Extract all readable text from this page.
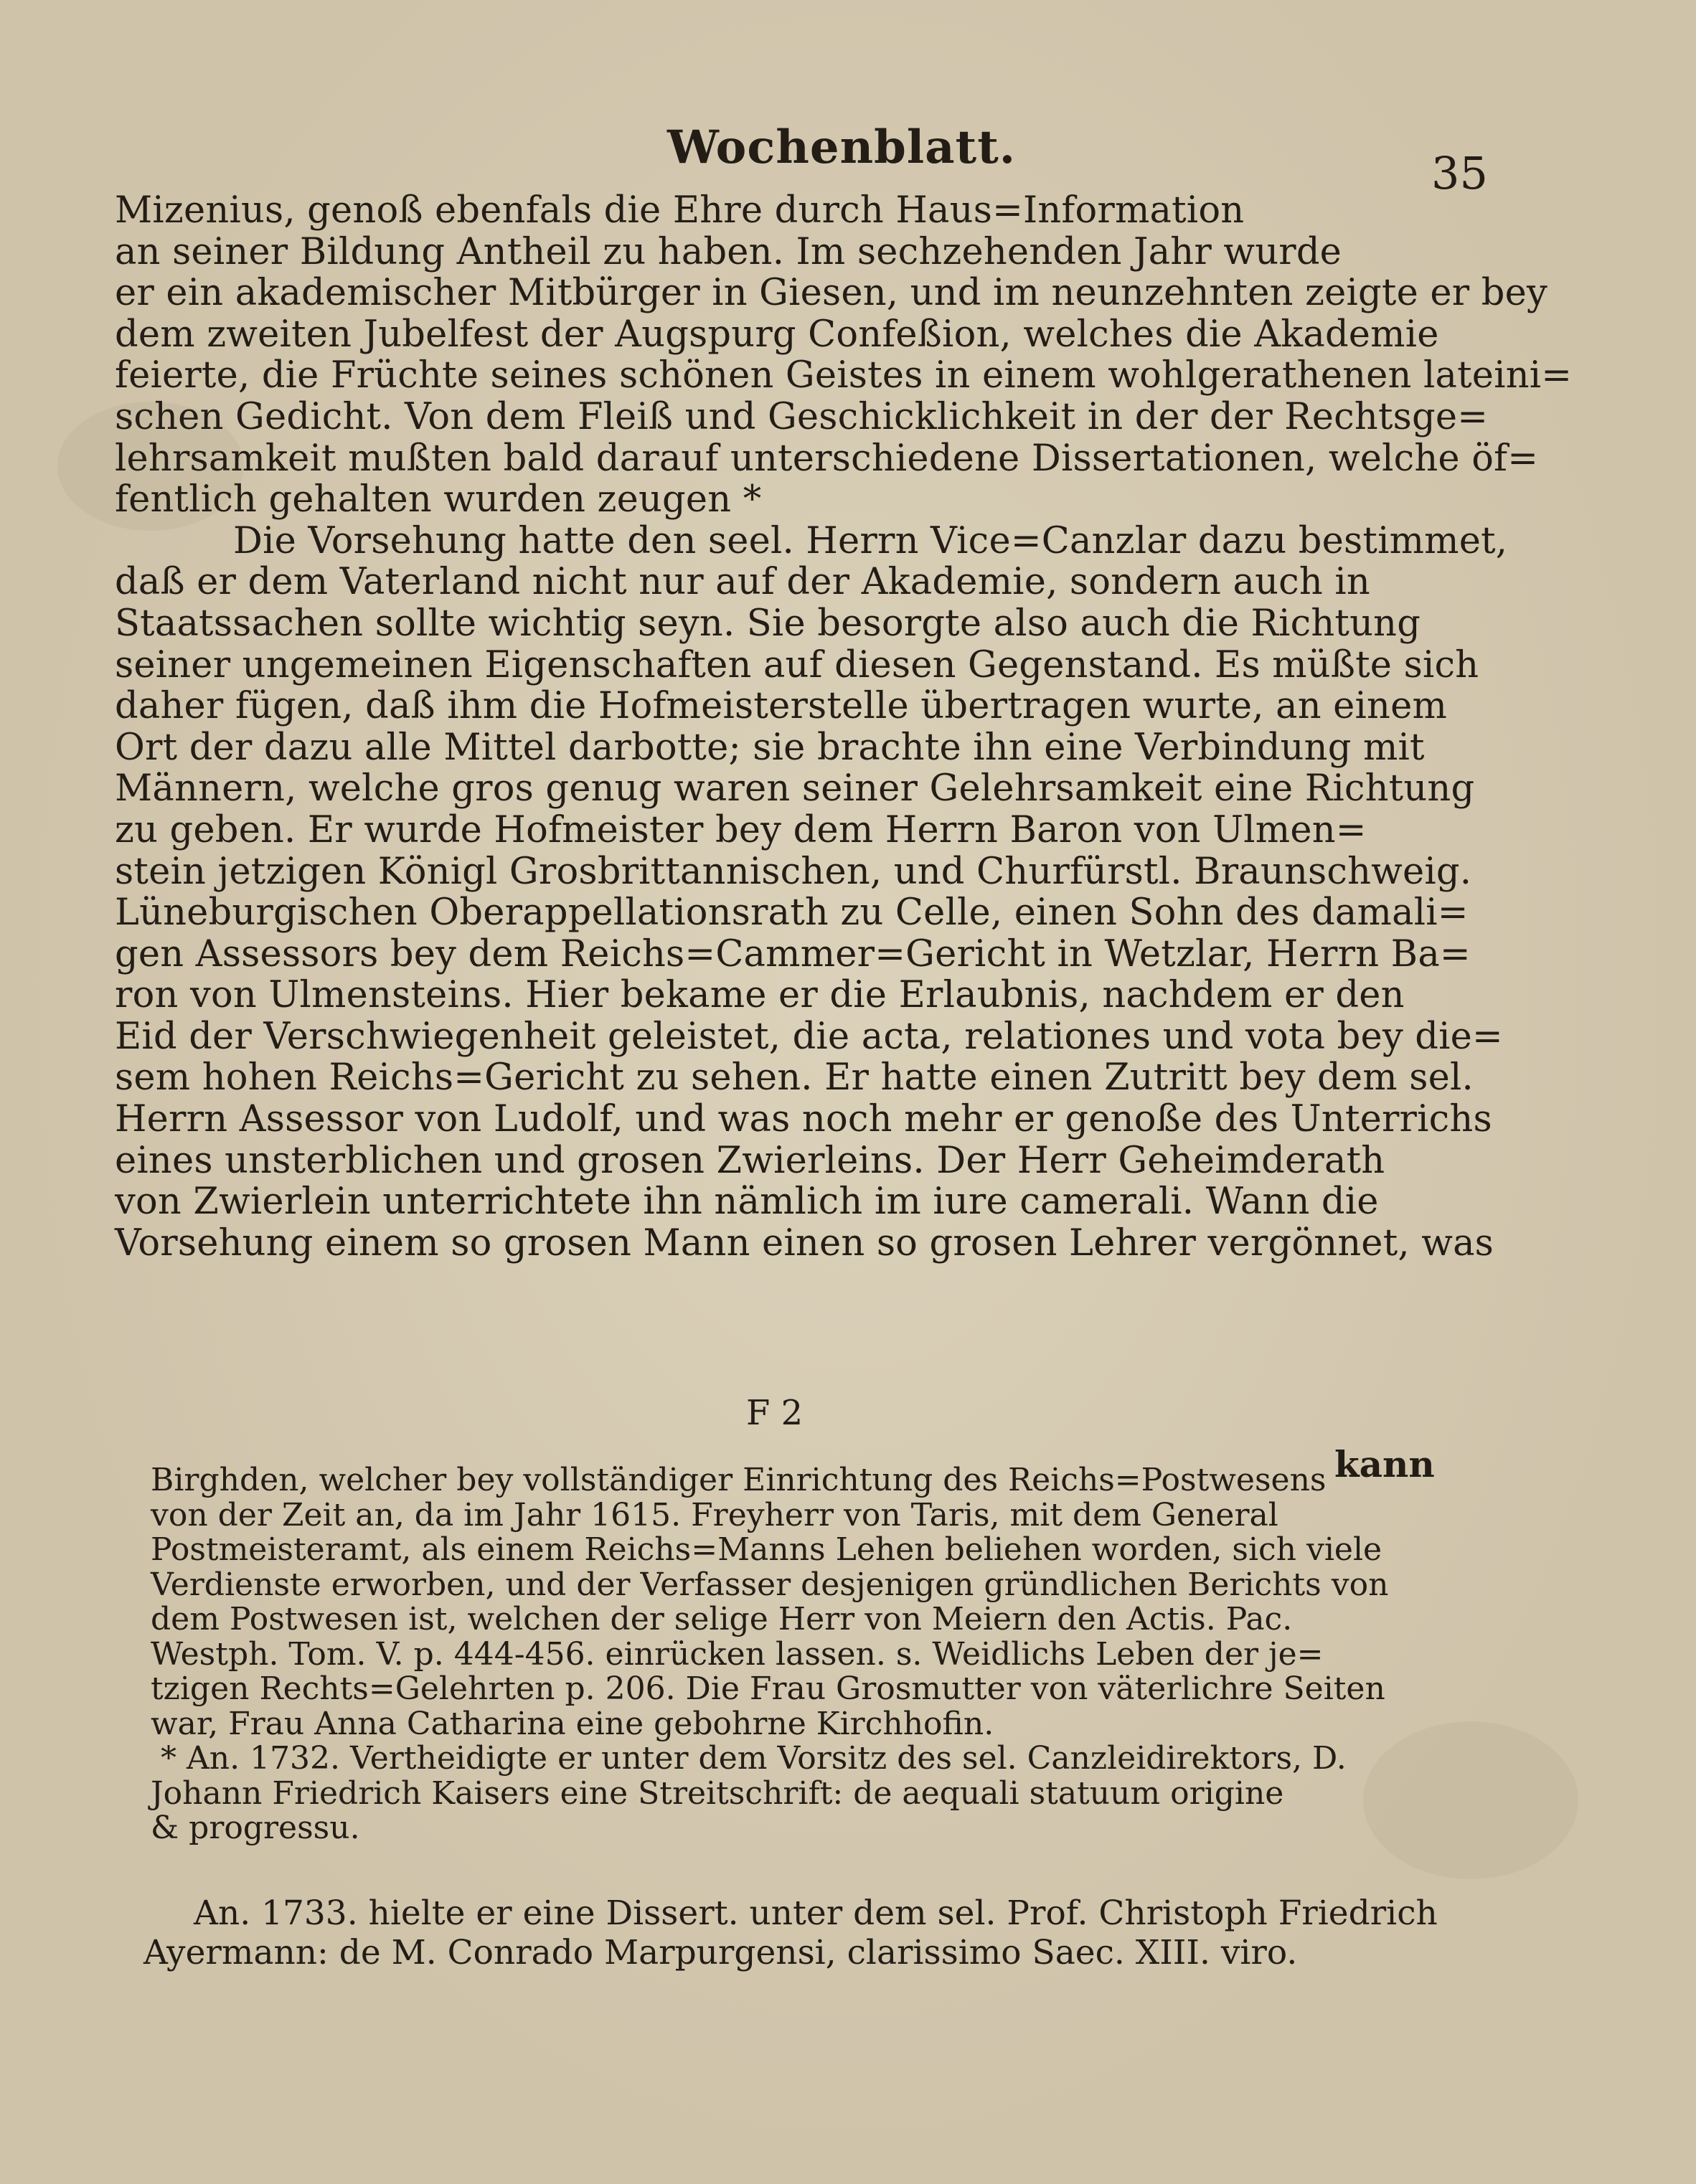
Wochenblatt.	35
Mizenius, genoß ebenfals die Ehre durch Haus=Information
an seiner Bildung Antheil zu haben. Im sechzehenden Jahr wurde
er ein akademischer Mitbürger in Giesen, und im neunzehnten zeigte er bey
dem zweiten Jubelfest der Augspurg Confeßion, welches die Akademie
feierte, die Früchte seines schönen Geistes in einem wohlgerathenen lateini=
schen Gedicht. Von dem Fleiß und Geschicklichkeit in der der Rechtsge=
lehrsamkeit mußten bald darauf unterschiedene Dissertationen, welche öf=
fentlich gehalten wurden zeugen *
Die Vorsehung hatte den seel. Herrn Vice=Canzlar dazu bestimmet,
daß er dem Vaterland nicht nur auf der Akademie, sondern auch in
Staatssachen sollte wichtig seyn. Sie besorgte also auch die Richtung
seiner ungemeinen Eigenschaften auf diesen Gegenstand. Es müßte sich
daher fügen, daß ihm die Hofmeisterstelle übertragen wurte, an einem
Ort der dazu alle Mittel darbotte; sie brachte ihn eine Verbindung mit
Männern, welche gros genug waren seiner Gelehrsamkeit eine Richtung
zu geben. Er wurde Hofmeister bey dem Herrn Baron von Ulmen=
stein jetzigen Königl Grosbrittannischen, und Churfürstl. Braunschweig.
Lüneburgischen Oberappellationsrath zu Celle, einen Sohn des damali=
gen Assessors bey dem Reichs=Cammer=Gericht in Wetzlar, Herrn Ba=
ron von Ulmensteins. Hier bekame er die Erlaubnis, nachdem er den
Eid der Verschwiegenheit geleistet, die acta, relationes und vota bey die=
sem hohen Reichs=Gericht zu sehen. Er hatte einen Zutritt bey dem sel.
Herrn Assessor von Ludolf, und was noch mehr er genoße des Unterrichs
eines unsterblichen und grosen Zwierleins. Der Herr Geheimderath
von Zwierlein unterrichtete ihn nämlich im iure camerali. Wann die
Vorsehung einem so grosen Mann einen so grosen Lehrer vergönnet, was
F 2
kann
Birghden, welcher bey vollständiger Einrichtung des Reichs=Postwesens
von der Zeit an, da im Jahr 1615. Freyherr von Taris, mit dem General
Postmeisteramt, als einem Reichs=Manns Lehen beliehen worden, sich viele
Verdienste erworben, und der Verfasser desjenigen gründlichen Berichts von
dem Postwesen ist, welchen der selige Herr von Meiern den Actis. Pac.
Westph. Tom. V. p. 444-456. einrücken lassen. s. Weidlichs Leben der je=
tzigen Rechts=Gelehrten p. 206. Die Frau Grosmutter von väterlichre Seiten
war, Frau Anna Catharina eine gebohrne Kirchhofin.
* An. 1732. Vertheidigte er unter dem Vorsitz des sel. Canzleidirektors, D.
Johann Friedrich Kaisers eine Streitschrift: de aequali statuum origine
& progressu.
An. 1733. hielte er eine Dissert. unter dem sel. Prof. Christoph Friedrich
Ayermann: de M. Conrado Marpurgensi, clarissimo Saec. XIII. viro.
